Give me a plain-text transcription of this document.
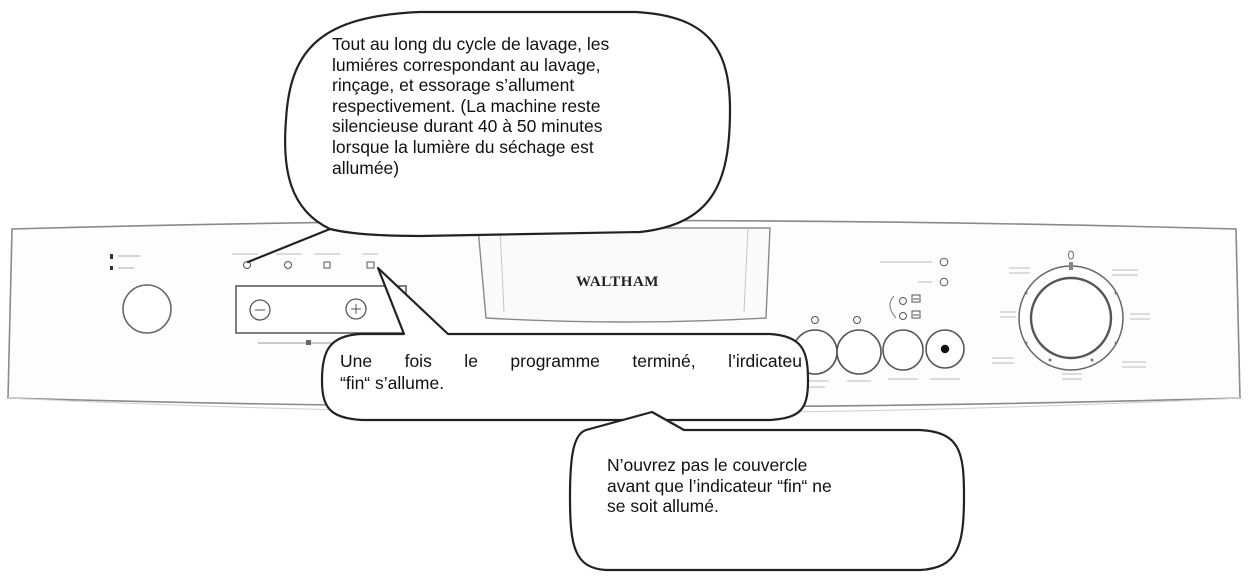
WALTHAM
Tout au long du cycle de lavage, les
lumiéres correspondant au lavage,
rinçage, et essorage s’allument
respectivement. (La machine reste
silencieuse durant 40 à 50 minutes
lorsque la lumière du séchage est
allumée)
Une fois le programme terminé, l’irdicateu
“fin“ s’allume.
N’ouvrez pas le couvercle
avant que l’indicateur “fin“ ne
se soit allumé.
